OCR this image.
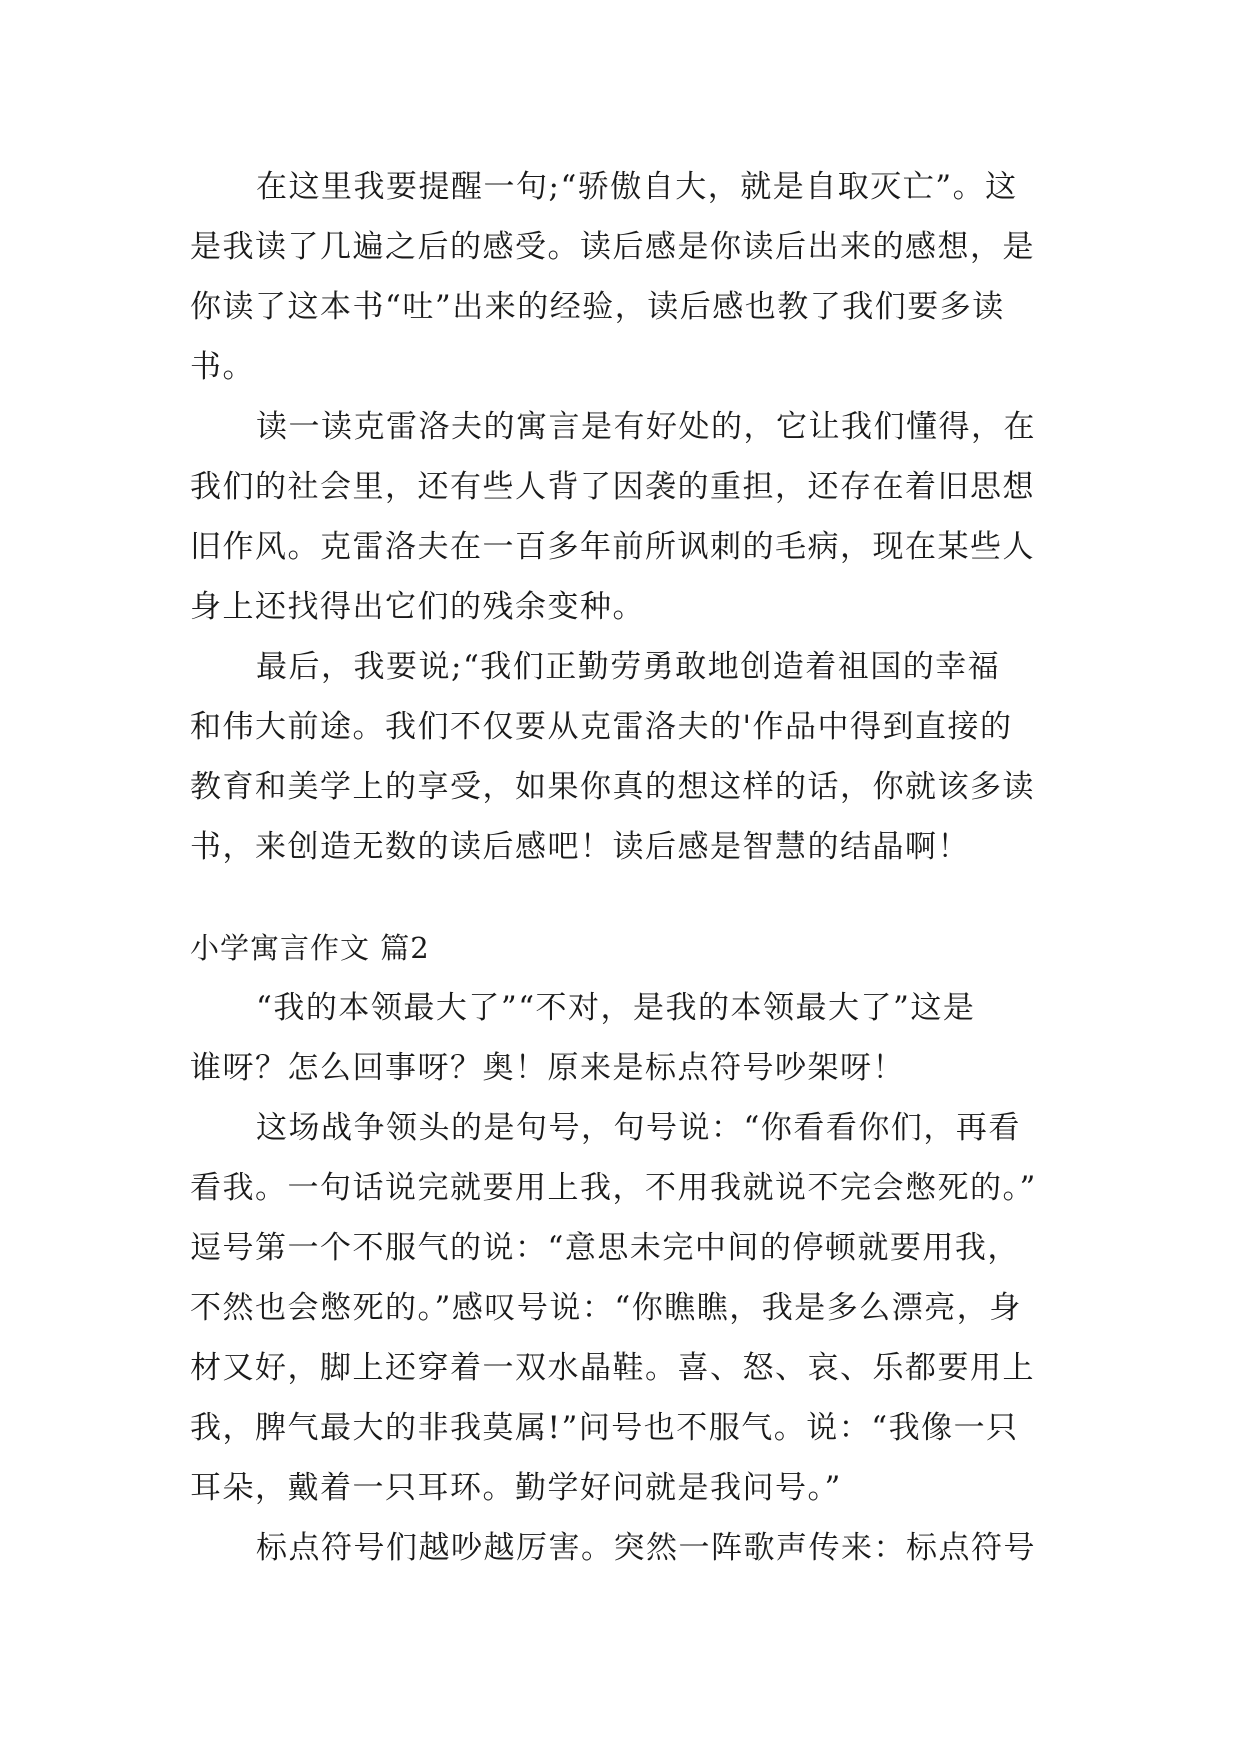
在这里我要提醒一句;“骄傲自大，就是自取灭亡”。这
是我读了几遍之后的感受。读后感是你读后出来的感想，是
你读了这本书“吐”出来的经验，读后感也教了我们要多读
书。
读一读克雷洛夫的寓言是有好处的，它让我们懂得，在
我们的社会里，还有些人背了因袭的重担，还存在着旧思想
旧作风。克雷洛夫在一百多年前所讽刺的毛病，现在某些人
身上还找得出它们的残余变种。
最后，我要说;“我们正勤劳勇敢地创造着祖国的幸福
和伟大前途。我们不仅要从克雷洛夫的'作品中得到直接的
教育和美学上的享受，如果你真的想这样的话，你就该多读
书，来创造无数的读后感吧！读后感是智慧的结晶啊！
小学寓言作文 篇2
“我的本领最大了”“不对，是我的本领最大了”这是
谁呀？怎么回事呀？奥！原来是标点符号吵架呀！
这场战争领头的是句号，句号说：“你看看你们，再看
看我。一句话说完就要用上我，不用我就说不完会憋死的。”
逗号第一个不服气的说：“意思未完中间的停顿就要用我，
不然也会憋死的。”感叹号说：“你瞧瞧，我是多么漂亮，身
材又好，脚上还穿着一双水晶鞋。喜、怒、哀、乐都要用上
我，脾气最大的非我莫属!”问号也不服气。说：“我像一只
耳朵，戴着一只耳环。勤学好问就是我问号。”
标点符号们越吵越厉害。突然一阵歌声传来：标点符号
